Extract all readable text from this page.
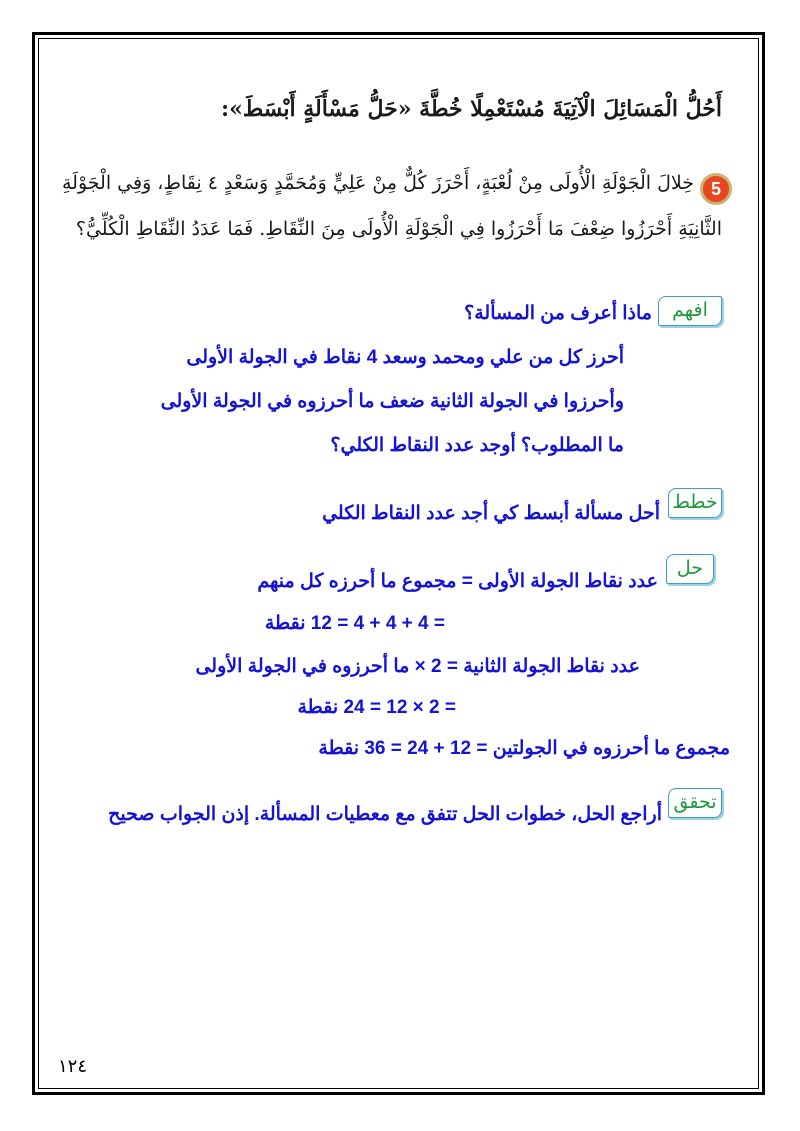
أَحُلُّ الْمَسَائِلَ الْآتِيَةَ مُسْتَعْمِلًا خُطَّةَ «حَلُّ مَسْأَلَةٍ أَبْسَطَ»:
5
خِلالَ الْجَوْلَةِ الْأُولَى مِنْ لُعْبَةٍ، أَحْرَزَ كُلٌّ مِنْ عَلِيٍّ وَمُحَمَّدٍ وَسَعْدٍ ٤ نِقَاطٍ، وَفِي الْجَوْلَةِ
الثَّانِيَةِ أَحْرَزُوا ضِعْفَ مَا أَحْرَزُوا فِي الْجَوْلَةِ الْأُولَى مِنَ النِّقَاطِ. فَمَا عَدَدُ النِّقَاطِ الْكُلِّيُّ؟
افهم
ماذا أعرف من المسألة؟
أحرز كل من علي ومحمد وسعد 4 نقاط في الجولة الأولى
وأحرزوا في الجولة الثانية ضعف ما أحرزوه في الجولة الأولى
ما المطلوب؟ أوجد عدد النقاط الكلي؟
خطط
أحل مسألة أبسط كي أجد عدد النقاط الكلي
حل
عدد نقاط الجولة الأولى = مجموع ما أحرزه كل منهم
= 4 + 4 + 4 = 12 نقطة
عدد نقاط الجولة الثانية = 2 × ما أحرزوه في الجولة الأولى
= 2 × 12 = 24 نقطة
مجموع ما أحرزوه في الجولتين = 12 + 24 = 36 نقطة
تحقق
أراجع الحل، خطوات الحل تتفق مع معطيات المسألة. إذن الجواب صحيح
١٢٤
